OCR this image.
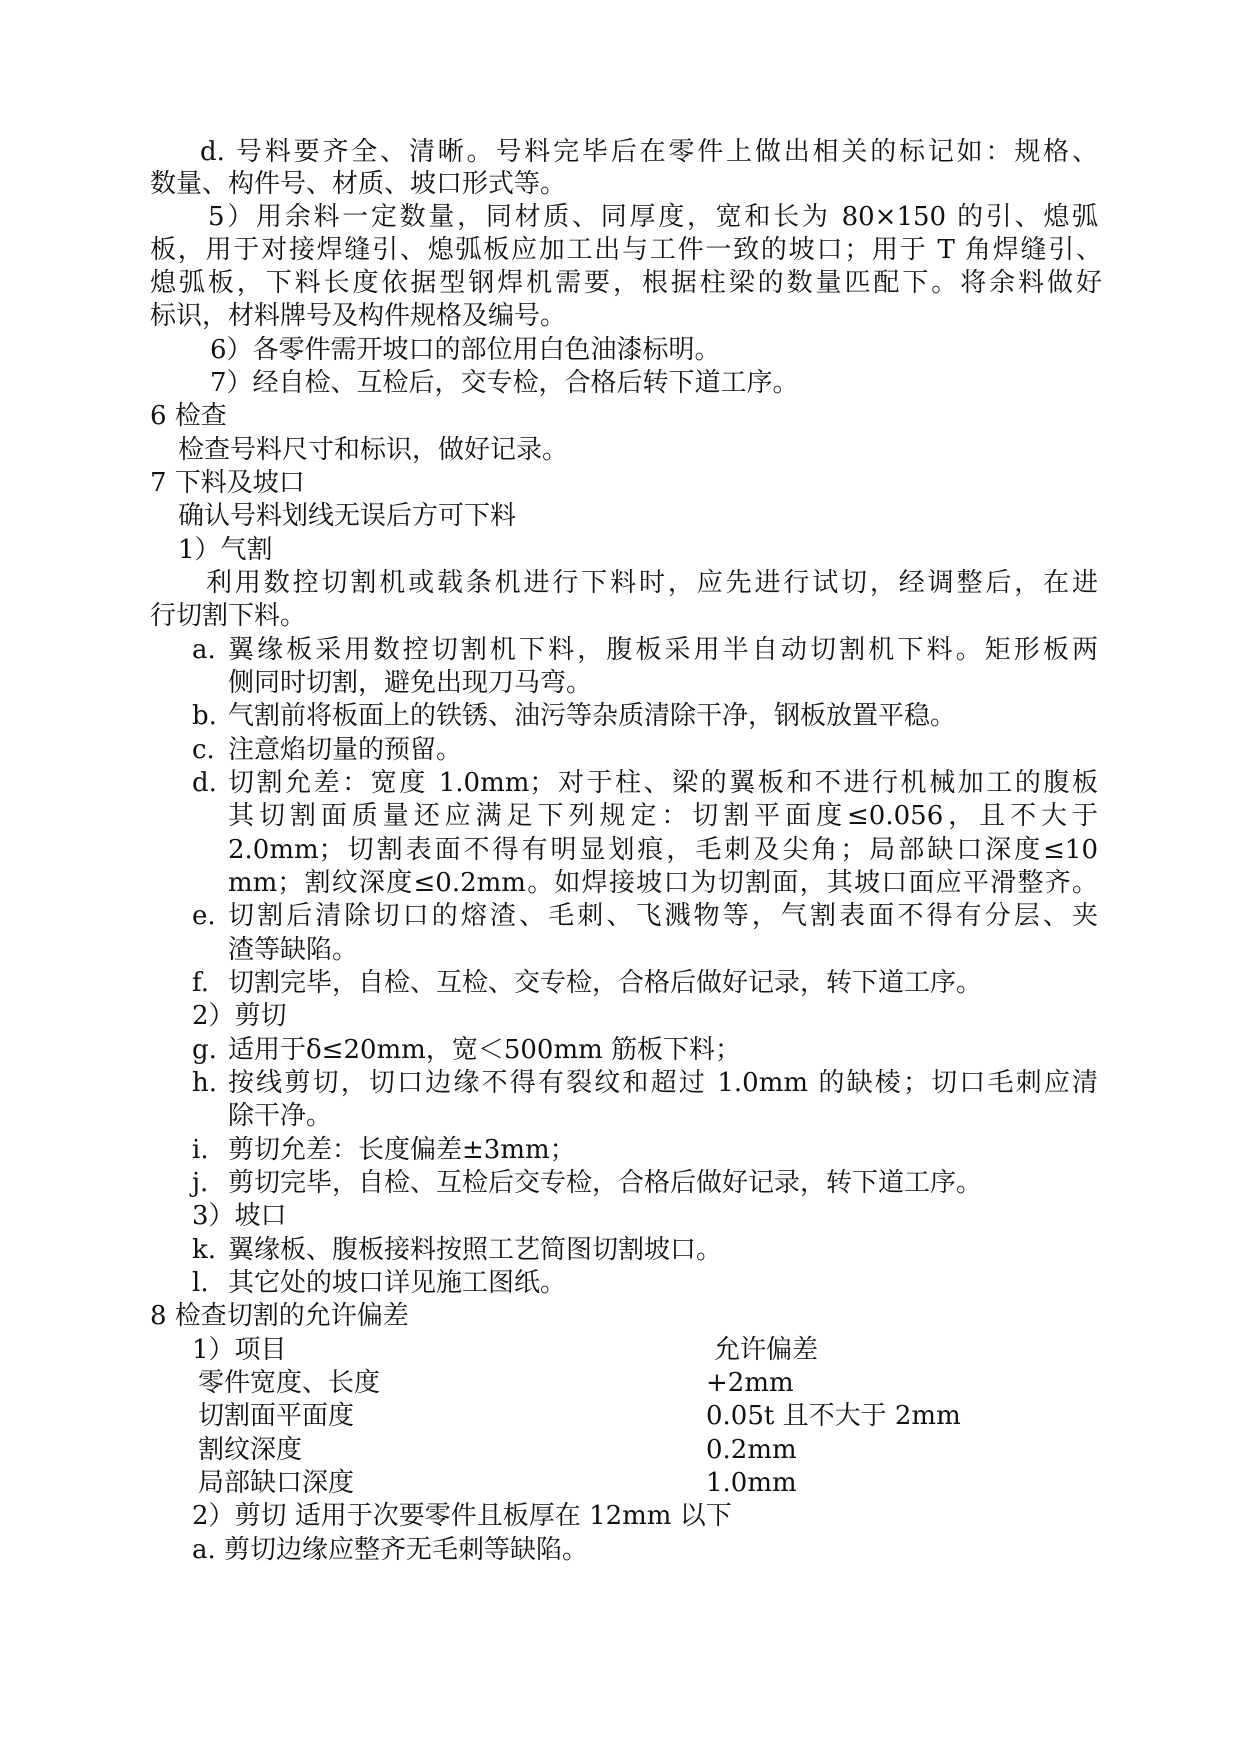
d. 号料要齐全、清晰。号料完毕后在零件上做出相关的标记如：规格、
数量、构件号、材质、坡口形式等。
5）用余料一定数量，同材质、同厚度，宽和长为 80×150 的引、熄弧
板，用于对接焊缝引、熄弧板应加工出与工件一致的坡口；用于 T 角焊缝引、
熄弧板，下料长度依据型钢焊机需要，根据柱梁的数量匹配下。将余料做好
标识，材料牌号及构件规格及编号。
6）各零件需开坡口的部位用白色油漆标明。
7）经自检、互检后，交专检，合格后转下道工序。
6 检查
检查号料尺寸和标识，做好记录。
7 下料及坡口
确认号料划线无误后方可下料
1）气割
利用数控切割机或载条机进行下料时，应先进行试切，经调整后，在进
行切割下料。
a. 翼缘板采用数控切割机下料，腹板采用半自动切割机下料。矩形板两
侧同时切割，避免出现刀马弯。
b. 气割前将板面上的铁锈、油污等杂质清除干净，钢板放置平稳。
c. 注意焰切量的预留。
d. 切割允差：宽度 1.0mm；对于柱、梁的翼板和不进行机械加工的腹板
其切割面质量还应满足下列规定：切割平面度≤0.056，且不大于
2.0mm；切割表面不得有明显划痕，毛刺及尖角；局部缺口深度≤10
mm；割纹深度≤0.2mm。如焊接坡口为切割面，其坡口面应平滑整齐。
e. 切割后清除切口的熔渣、毛刺、飞溅物等，气割表面不得有分层、夹
渣等缺陷。
f. 切割完毕，自检、互检、交专检，合格后做好记录，转下道工序。
2）剪切
g. 适用于δ≤20mm，宽＜500mm 筋板下料；
h. 按线剪切，切口边缘不得有裂纹和超过 1.0mm 的缺棱；切口毛刺应清
除干净。
i. 剪切允差：长度偏差±3mm；
j. 剪切完毕，自检、互检后交专检，合格后做好记录，转下道工序。
3）坡口
k. 翼缘板、腹板接料按照工艺简图切割坡口。
l. 其它处的坡口详见施工图纸。
8 检查切割的允许偏差
1）项目	允许偏差
零件宽度、长度	+2mm
切割面平面度	0.05t 且不大于 2mm
割纹深度	0.2mm
局部缺口深度	1.0mm
2）剪切 适用于次要零件且板厚在 12mm 以下
a. 剪切边缘应整齐无毛刺等缺陷。
